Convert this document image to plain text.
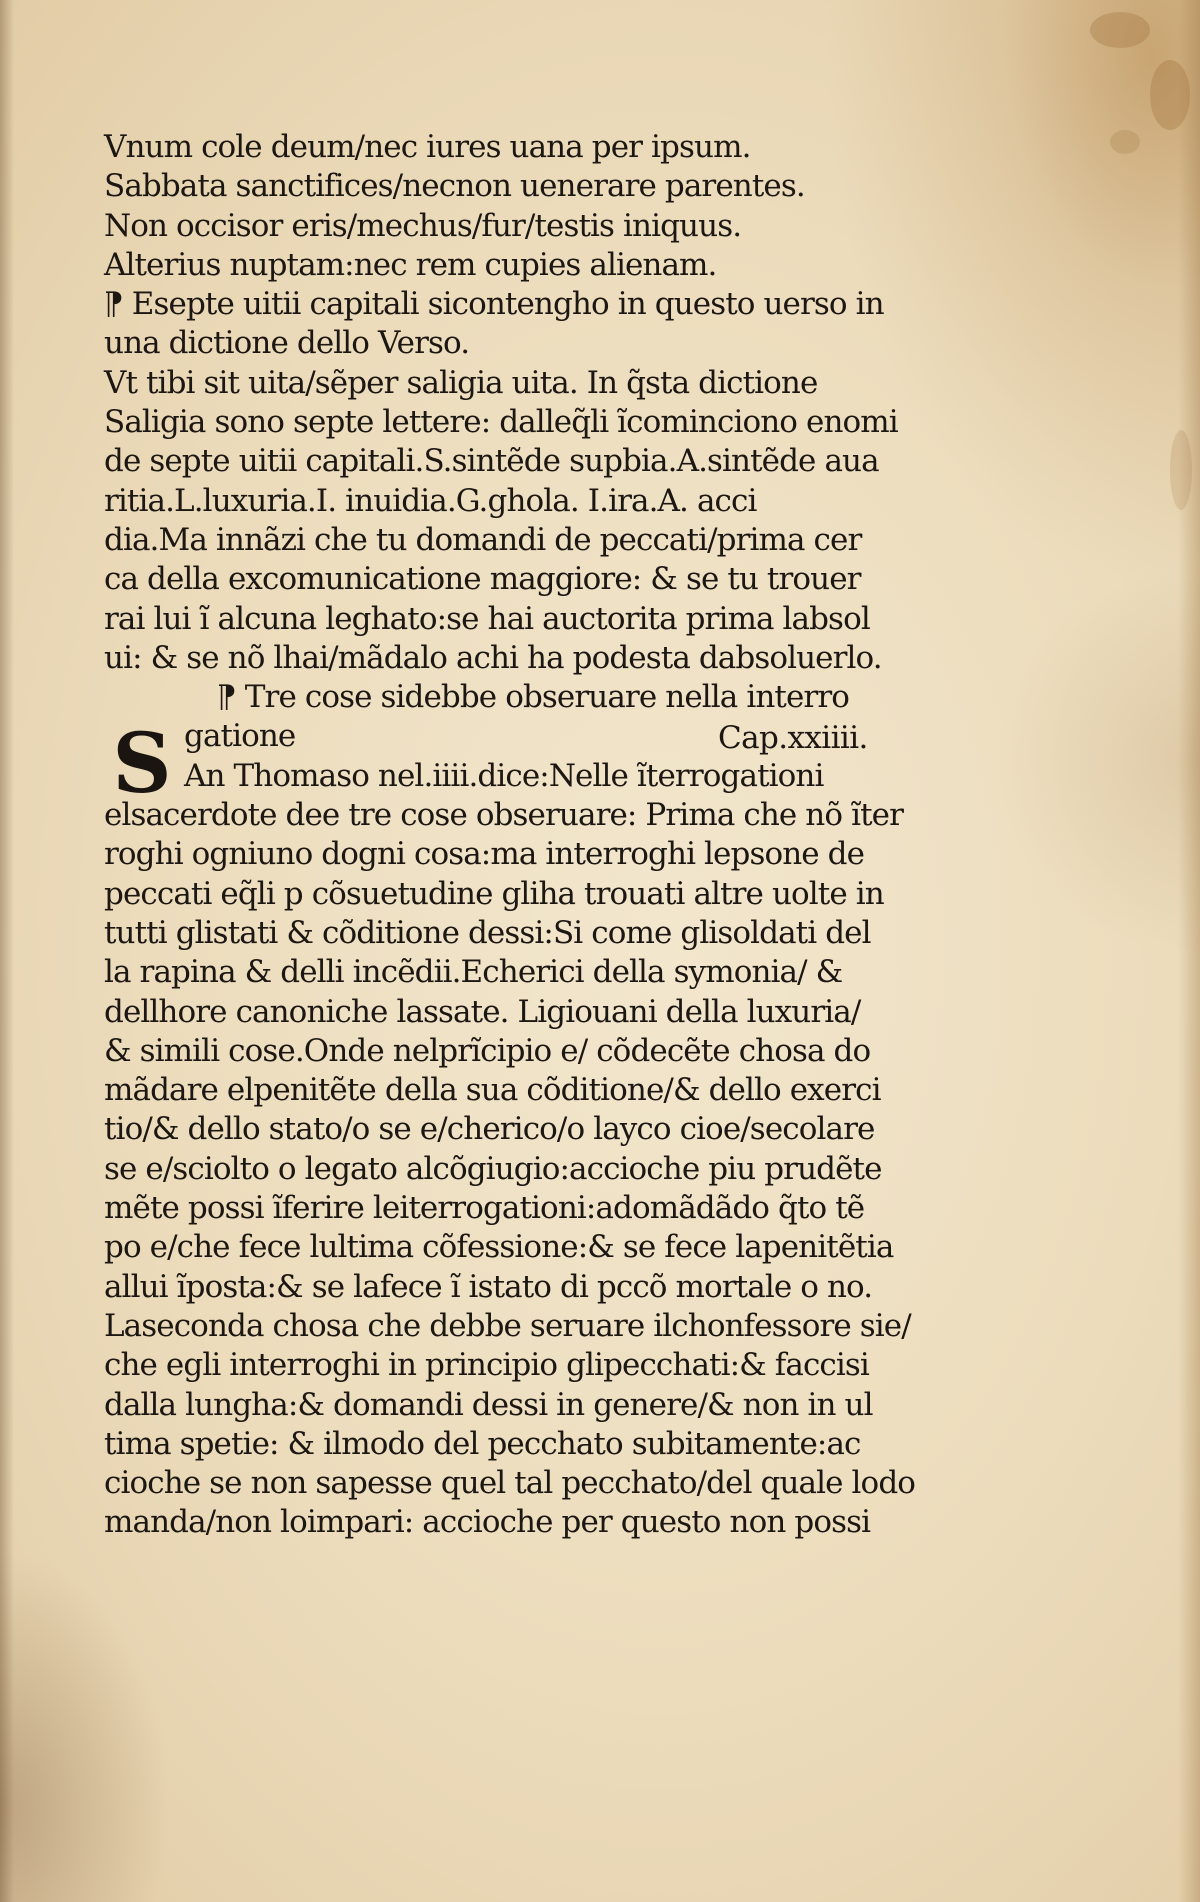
S	Cap.xxiiii.
Vnum cole deum/nec iures uana per ipsum.
Sabbata sanctifices/necnon uenerare parentes.
Non occisor eris/mechus/fur/testis iniquus.
Alterius nuptam:nec rem cupies alienam.
⁋ Esepte uitii capitali sicontengho in questo uerso in
una dictione dello Verso.
Vt tibi sit uita/sẽper saligia uita. In q̃sta dictione
Saligia sono septe lettere: dalleq̃li ĩcominciono enomi
de septe uitii capitali.S.sintẽde supbia.A.sintẽde aua
ritia.L.luxuria.I. inuidia.G.ghola. I.ira.A. acci
dia.Ma innãzi che tu domandi de peccati/prima cer
ca della excomunicatione maggiore: & se tu trouer
rai lui ĩ alcuna leghato:se hai auctorita prima labsol
ui: & se nõ lhai/mãdalo achi ha podesta dabsoluerlo.
⁋ Tre cose sidebbe obseruare nella interro
gatione
An Thomaso nel.iiii.dice:Nelle ĩterrogationi
elsacerdote dee tre cose obseruare: Prima che nõ ĩter
roghi ogniuno dogni cosa:ma interroghi lepsone de
peccati eq̃li p cõsuetudine gliha trouati altre uolte in
tutti glistati & cõditione dessi:Si come glisoldati del
la rapina & delli incẽdii.Echerici della symonia/ &
dellhore canoniche lassate. Ligiouani della luxuria/
& simili cose.Onde nelprĩcipio e/ cõdecẽte chosa do
mãdare elpenitẽte della sua cõditione/& dello exerci
tio/& dello stato/o se e/cherico/o layco cioe/secolare
se e/sciolto o legato alcõgiugio:accioche piu prudẽte
mẽte possi ĩferire leiterrogationi:adomãdãdo q̃to tẽ
po e/che fece lultima cõfessione:& se fece lapenitẽtia
allui ĩposta:& se lafece ĩ istato di pccõ mortale o no.
Laseconda chosa che debbe seruare ilchonfessore sie/
che egli interroghi in principio glipecchati:& faccisi
dalla lungha:& domandi dessi in genere/& non in ul
tima spetie: & ilmodo del pecchato subitamente:ac
cioche se non sapesse quel tal pecchato/del quale lodo
manda/non loimpari: accioche per questo non possi
